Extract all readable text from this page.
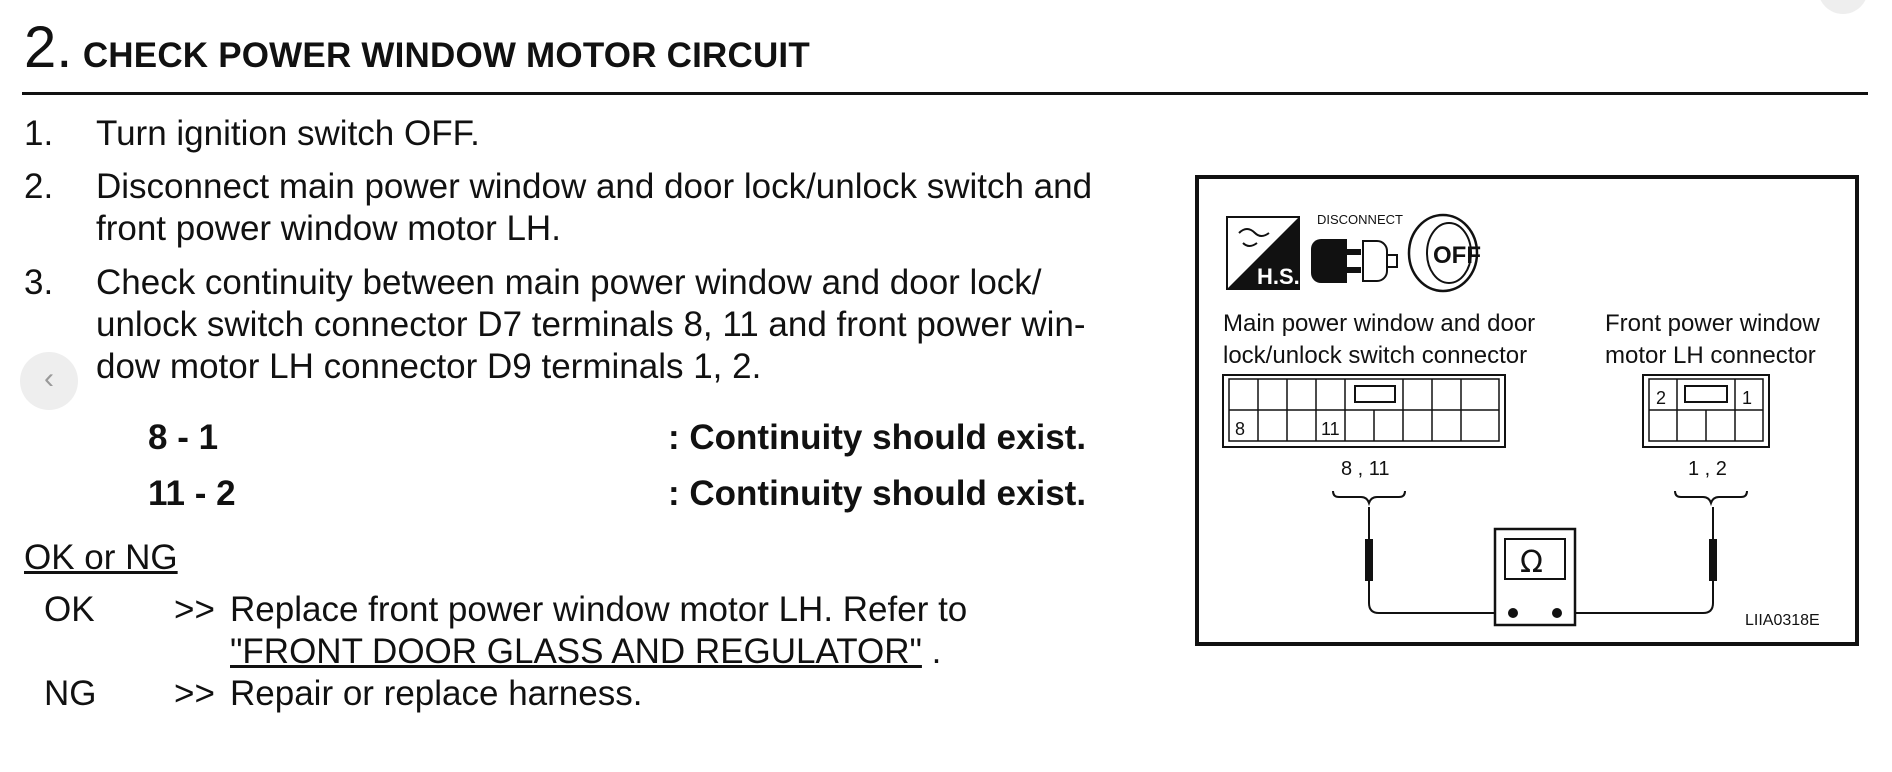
2. CHECK POWER WINDOW MOTOR CIRCUIT
1. Turn ignition switch OFF.
2. Disconnect main power window and door lock/unlock switch and
front power window motor LH.
3. Check continuity between main power window and door lock/
unlock switch connector D7 terminals 8, 11 and front power win-
dow motor LH connector D9 terminals 1, 2.
‹
8 - 1	: Continuity should exist.
11 - 2	: Continuity should exist.
OK or NG
OK >> Replace front power window motor LH. Refer to
"FRONT DOOR GLASS AND REGULATOR" .
NG >> Repair or replace harness.
H.S.
DISCONNECT
OFF
Main power window and door
lock/unlock switch connector
Front power window
motor LH connector
8	11
2	1
8 , 11	1 , 2
Ω
LIIA0318E
